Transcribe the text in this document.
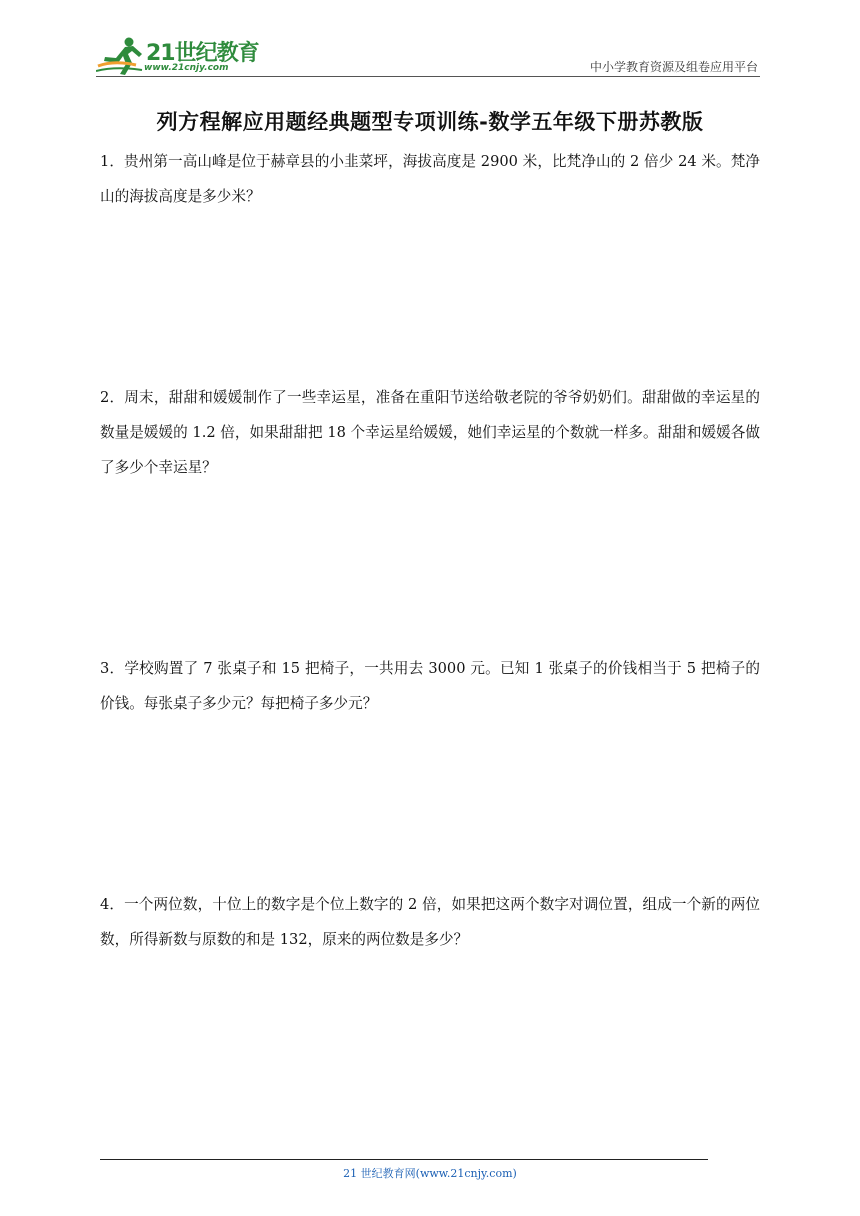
21世纪教育
www.21cnjy.com	中小学教育资源及组卷应用平台
列方程解应用题经典题型专项训练-数学五年级下册苏教版
1．贵州第一高山峰是位于赫章县的小韭菜坪，海拔高度是 2900 米，比梵净山的 2 倍少 24 米。梵净山的海拔高度是多少米？
2．周末，甜甜和媛媛制作了一些幸运星，准备在重阳节送给敬老院的爷爷奶奶们。甜甜做的幸运星的数量是媛媛的 1.2 倍，如果甜甜把 18 个幸运星给媛媛，她们幸运星的个数就一样多。甜甜和媛媛各做了多少个幸运星？
3．学校购置了 7 张桌子和 15 把椅子，一共用去 3000 元。已知 1 张桌子的价钱相当于 5 把椅子的价钱。每张桌子多少元？每把椅子多少元？
4．一个两位数，十位上的数字是个位上数字的 2 倍，如果把这两个数字对调位置，组成一个新的两位数，所得新数与原数的和是 132，原来的两位数是多少？
21 世纪教育网(www.21cnjy.com)
